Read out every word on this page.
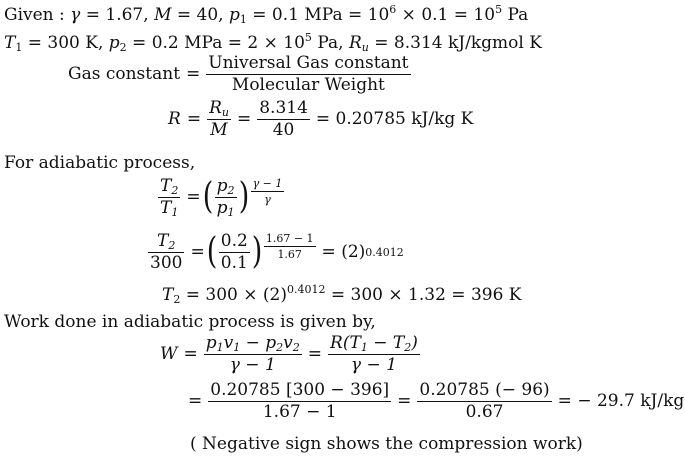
Given : γ = 1.67, M = 40, $p_1 = 0.1$ MPa = $10^6 \times 0.1 = 10^5$ Pa
$T_1 = 300$ K, $p_2 = 0.2$ MPa = $2 \times 10^5$ Pa, $R_u = 8.314$ kJ/kgmol K
Gas constant = $\frac{\text{Universal Gas constant}}{\text{Molecular Weight}}$
$R = \frac{R_u}{M} = \frac{8.314}{40} = 0.20785$ kJ/kg K
For adiabatic process,
$\frac{T_2}{T_1}$ = ( $\frac{p_2}{p_1}$ ) $\frac{\gamma - 1}{\gamma}$
$\frac{T_2}{300}$ = ( $\frac{0.2}{0.1}$ ) $\frac{1.67 - 1}{1.67} = (2)$ 0.4012
$T_2 = 300 \times (2)^{0.4012} = 300 \times 1.32 = 396$ K
Work done in adiabatic process is given by,
$W = \frac{p_1v_1 - p_2v_2}{\gamma - 1} = \frac{R(T_1 - T_2)}{\gamma - 1}$
= $\frac{0.20785 [300 - 396]}{1.67 - 1} = \frac{0.20785 (- 96)}{0.67}$ = − 29.7 kJ/kg
( Negative sign shows the compression work)
